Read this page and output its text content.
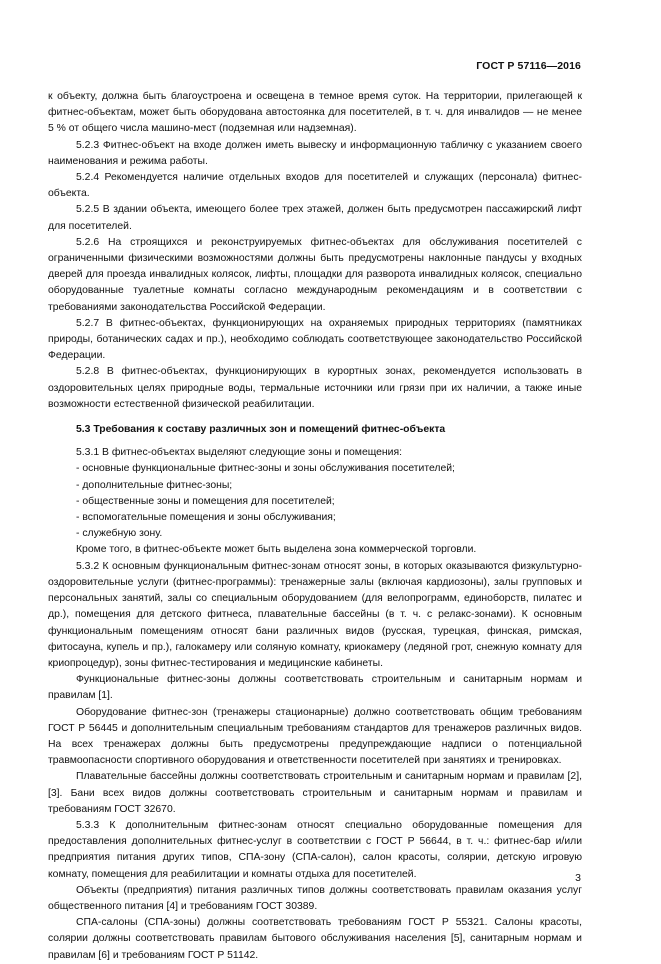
ГОСТ Р 57116—2016

к объекту, должна быть благоустроена и освещена в темное время суток. На территории, прилегающей к фитнес-объектам, может быть оборудована автостоянка для посетителей, в т. ч. для инвалидов — не менее 5 % от общего числа машино-мест (подземная или надземная).

5.2.3 Фитнес-объект на входе должен иметь вывеску и информационную табличку с указанием своего наименования и режима работы.

5.2.4 Рекомендуется наличие отдельных входов для посетителей и служащих (персонала) фитнес-объекта.

5.2.5 В здании объекта, имеющего более трех этажей, должен быть предусмотрен пассажирский лифт для посетителей.

5.2.6 На строящихся и реконструируемых фитнес-объектах для обслуживания посетителей с ограниченными физическими возможностями должны быть предусмотрены наклонные пандусы у входных дверей для проезда инвалидных колясок, лифты, площадки для разворота инвалидных колясок, специально оборудованные туалетные комнаты согласно международным рекомендациям и в соответствии с требованиями законодательства Российской Федерации.

5.2.7 В фитнес-объектах, функционирующих на охраняемых природных территориях (памятниках природы, ботанических садах и пр.), необходимо соблюдать соответствующее законодательство Российской Федерации.

5.2.8 В фитнес-объектах, функционирующих в курортных зонах, рекомендуется использовать в оздоровительных целях природные воды, термальные источники или грязи при их наличии, а также иные возможности естественной физической реабилитации.

5.3 Требования к составу различных зон и помещений фитнес-объекта

5.3.1 В фитнес-объектах выделяют следующие зоны и помещения:

- основные функциональные фитнес-зоны и зоны обслуживания посетителей;
- дополнительные фитнес-зоны;
- общественные зоны и помещения для посетителей;
- вспомогательные помещения и зоны обслуживания;
- служебную зону.

Кроме того, в фитнес-объекте может быть выделена зона коммерческой торговли.

5.3.2 К основным функциональным фитнес-зонам относят зоны, в которых оказываются физкультурно-оздоровительные услуги (фитнес-программы): тренажерные залы (включая кардиозоны), залы групповых и персональных занятий, залы со специальным оборудованием (для велопрограмм, единоборств, пилатес и др.), помещения для детского фитнеса, плавательные бассейны (в т. ч. с релакс-зонами). К основным функциональным помещениям относят бани различных видов (русская, турецкая, финская, римская, фитосауна, купель и пр.), галокамеру или соляную комнату, криокамеру (ледяной грот, снежную комнату для криопроцедур), зоны фитнес-тестирования и медицинские кабинеты.

Функциональные фитнес-зоны должны соответствовать строительным и санитарным нормам и правилам [1].

Оборудование фитнес-зон (тренажеры стационарные) должно соответствовать общим требованиям ГОСТ Р 56445 и дополнительным специальным требованиям стандартов для тренажеров различных видов. На всех тренажерах должны быть предусмотрены предупреждающие надписи о потенциальной травмоопасности спортивного оборудования и ответственности посетителей при занятиях и тренировках.

Плавательные бассейны должны соответствовать строительным и санитарным нормам и правилам [2], [3]. Бани всех видов должны соответствовать строительным и санитарным нормам и правилам и требованиям ГОСТ 32670.

5.3.3 К дополнительным фитнес-зонам относят специально оборудованные помещения для предоставления дополнительных фитнес-услуг в соответствии с ГОСТ Р 56644, в т. ч.: фитнес-бар и/или предприятия питания других типов, СПА-зону (СПА-салон), салон красоты, солярии, детскую игровую комнату, помещения для реабилитации и комнаты отдыха для посетителей.

Объекты (предприятия) питания различных типов должны соответствовать правилам оказания услуг общественного питания [4] и требованиям ГОСТ 30389.

СПА-салоны (СПА-зоны) должны соответствовать требованиям ГОСТ Р 55321. Салоны красоты, солярии должны соответствовать правилам бытового обслуживания населения [5], санитарным нормам и правилам [6] и требованиям ГОСТ Р 51142.

3
